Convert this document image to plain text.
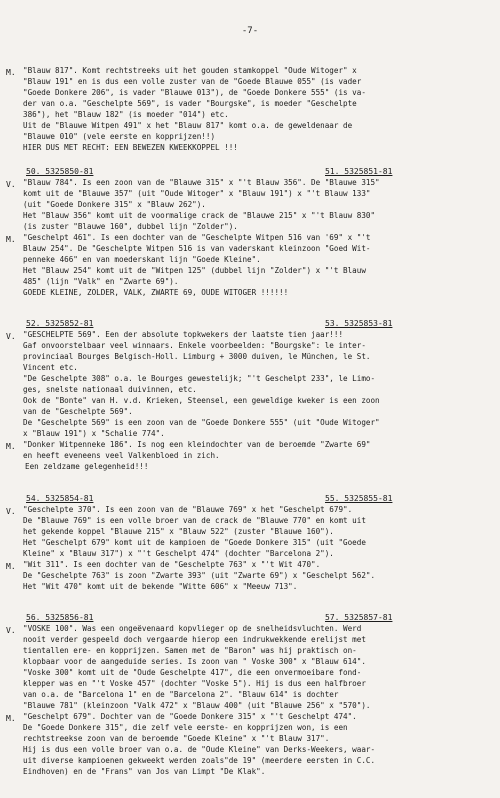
-7-
M. "Blauw 817". Komt rechtstreeks uit het gouden stamkoppel "Oude Witoger" x
"Blauw 191" en is dus een volle zuster van de "Goede Blauwe 055" (is vader
"Goede Donkere 206", is vader "Blauwe 013"), de "Goede Donkere 555" (is va-
der van o.a. "Geschelpte 569", is vader "Bourgske", is moeder "Geschelpte
386"), het "Blauw 182" (is moeder "014") etc.
Uit de "Blauwe Witpen 491" x het "Blauw 817" komt o.a. de geweldenaar de
"Blauwe 010" (vele eerste en kopprijzen!!)
HIER DUS MET RECHT: EEN BEWEZEN KWEEKKOPPEL !!!
50. 5325850-81	51. 5325851-81
V. "Blauw 784". Is een zoon van de "Blauwe 315" x "'t Blauw 356". De "Blauwe 315"
komt uit de "Blauwe 357" (uit "Oude Witoger" x "Blauw 191") x "'t Blauw 133"
(uit "Goede Donkere 315" x "Blauw 262").
Het "Blauw 356" komt uit de voormalige crack de "Blauwe 215" x "'t Blauw 830"
(is zuster "Blauwe 160", dubbel lijn "Zolder").
M. "Geschelpt 461". Is een dochter van de "Geschelpte Witpen 516 van '69" x "'t
Blauw 254". De "Geschelpte Witpen 516 is van vaderskant kleinzoon "Goed Wit-
penneke 466" en van moederskant lijn "Goede Kleine".
Het "Blauw 254" komt uit de "Witpen 125" (dubbel lijn "Zolder") x "'t Blauw
485" (lijn "Valk" en "Zwarte 69").
GOEDE KLEINE, ZOLDER, VALK, ZWARTE 69, OUDE WITOGER !!!!!!
52. 5325852-81	53. 5325853-81
V. "GESCHELPTE 569". Een der absolute topkwekers der laatste tien jaar!!!
Gaf onvoorstelbaar veel winnaars. Enkele voorbeelden: "Bourgske": le inter-
provinciaal Bourges Belgisch-Holl. Limburg + 3000 duiven, le München, le St.
Vincent etc.
"De Geschelpte 308" o.a. le Bourges gewestelijk; "'t Geschelpt 233", le Limo-
ges, snelste nationaal duivinnen, etc.
Ook de "Bonte" van H. v.d. Krieken, Steensel, een geweldige kweker is een zoon
van de "Geschelpte 569".
De "Geschelpte 569" is een zoon van de "Goede Donkere 555" (uit "Oude Witoger"
x "Blauw 191") x "Schalie 774".
M. "Donker Witpenneke 186". Is nog een kleindochter van de beroemde "Zwarte 69"
en heeft eveneens veel Valkenbloed in zich.
Een zeldzame gelegenheid!!!
54. 5325854-81	55. 5325855-81
V. "Geschelpte 370". Is een zoon van de "Blauwe 769" x het "Geschelpt 679".
De "Blauwe 769" is een volle broer van de crack de "Blauwe 770" en komt uit
het gekende koppel "Blauwe 215" x "Blauw 522" (zuster "Blauwe 160").
Het "Geschelpt 679" komt uit de kampioen de "Goede Donkere 315" (uit "Goede
Kleine" x "Blauw 317") x "'t Geschelpt 474" (dochter "Barcelona 2").
M. "Wit 311". Is een dochter van de "Geschelpte 763" x "'t Wit 470".
De "Geschelpte 763" is zoon "Zwarte 393" (uit "Zwarte 69") x "Geschelpt 562".
Het "Wit 470" komt uit de bekende "Witte 606" x "Meeuw 713".
56. 5325856-81	57. 5325857-81
V. "VOSKE 100". Was een ongeëvenaard kopvlieger op de snelheidsvluchten. Werd
nooit verder gespeeld doch vergaarde hierop een indrukwekkende erelijst met
tientallen ere- en kopprijzen. Samen met de "Baron" was hij praktisch on-
klopbaar voor de aangeduide series. Is zoon van " Voske 300" x "Blauw 614".
"Voske 300" komt uit de "Oude Geschelpte 417", die een onvermoeibare fond-
klepper was en "'t Voske 457" (dochter "Voske 5"). Hij is dus een halfbroer
van o.a. de "Barcelona 1" en de "Barcelona 2". "Blauw 614" is dochter
"Blauwe 781" (kleinzoon "Valk 472" x "Blauw 400" (uit "Blauwe 256" x "570").
M. "Geschelpt 679". Dochter van de "Goede Donkere 315" x "'t Geschelpt 474".
De "Goede Donkere 315", die zelf vele eerste- en kopprijzen won, is een
rechtstreekse zoon van de beroemde "Goede Kleine" x "'t Blauw 317".
Hij is dus een volle broer van o.a. de "Oude Kleine" van Derks-Weekers, waar-
uit diverse kampioenen gekweekt werden zoals"de 19" (meerdere eersten in C.C.
Eindhoven) en de "Frans" van Jos van Limpt "De Klak".
